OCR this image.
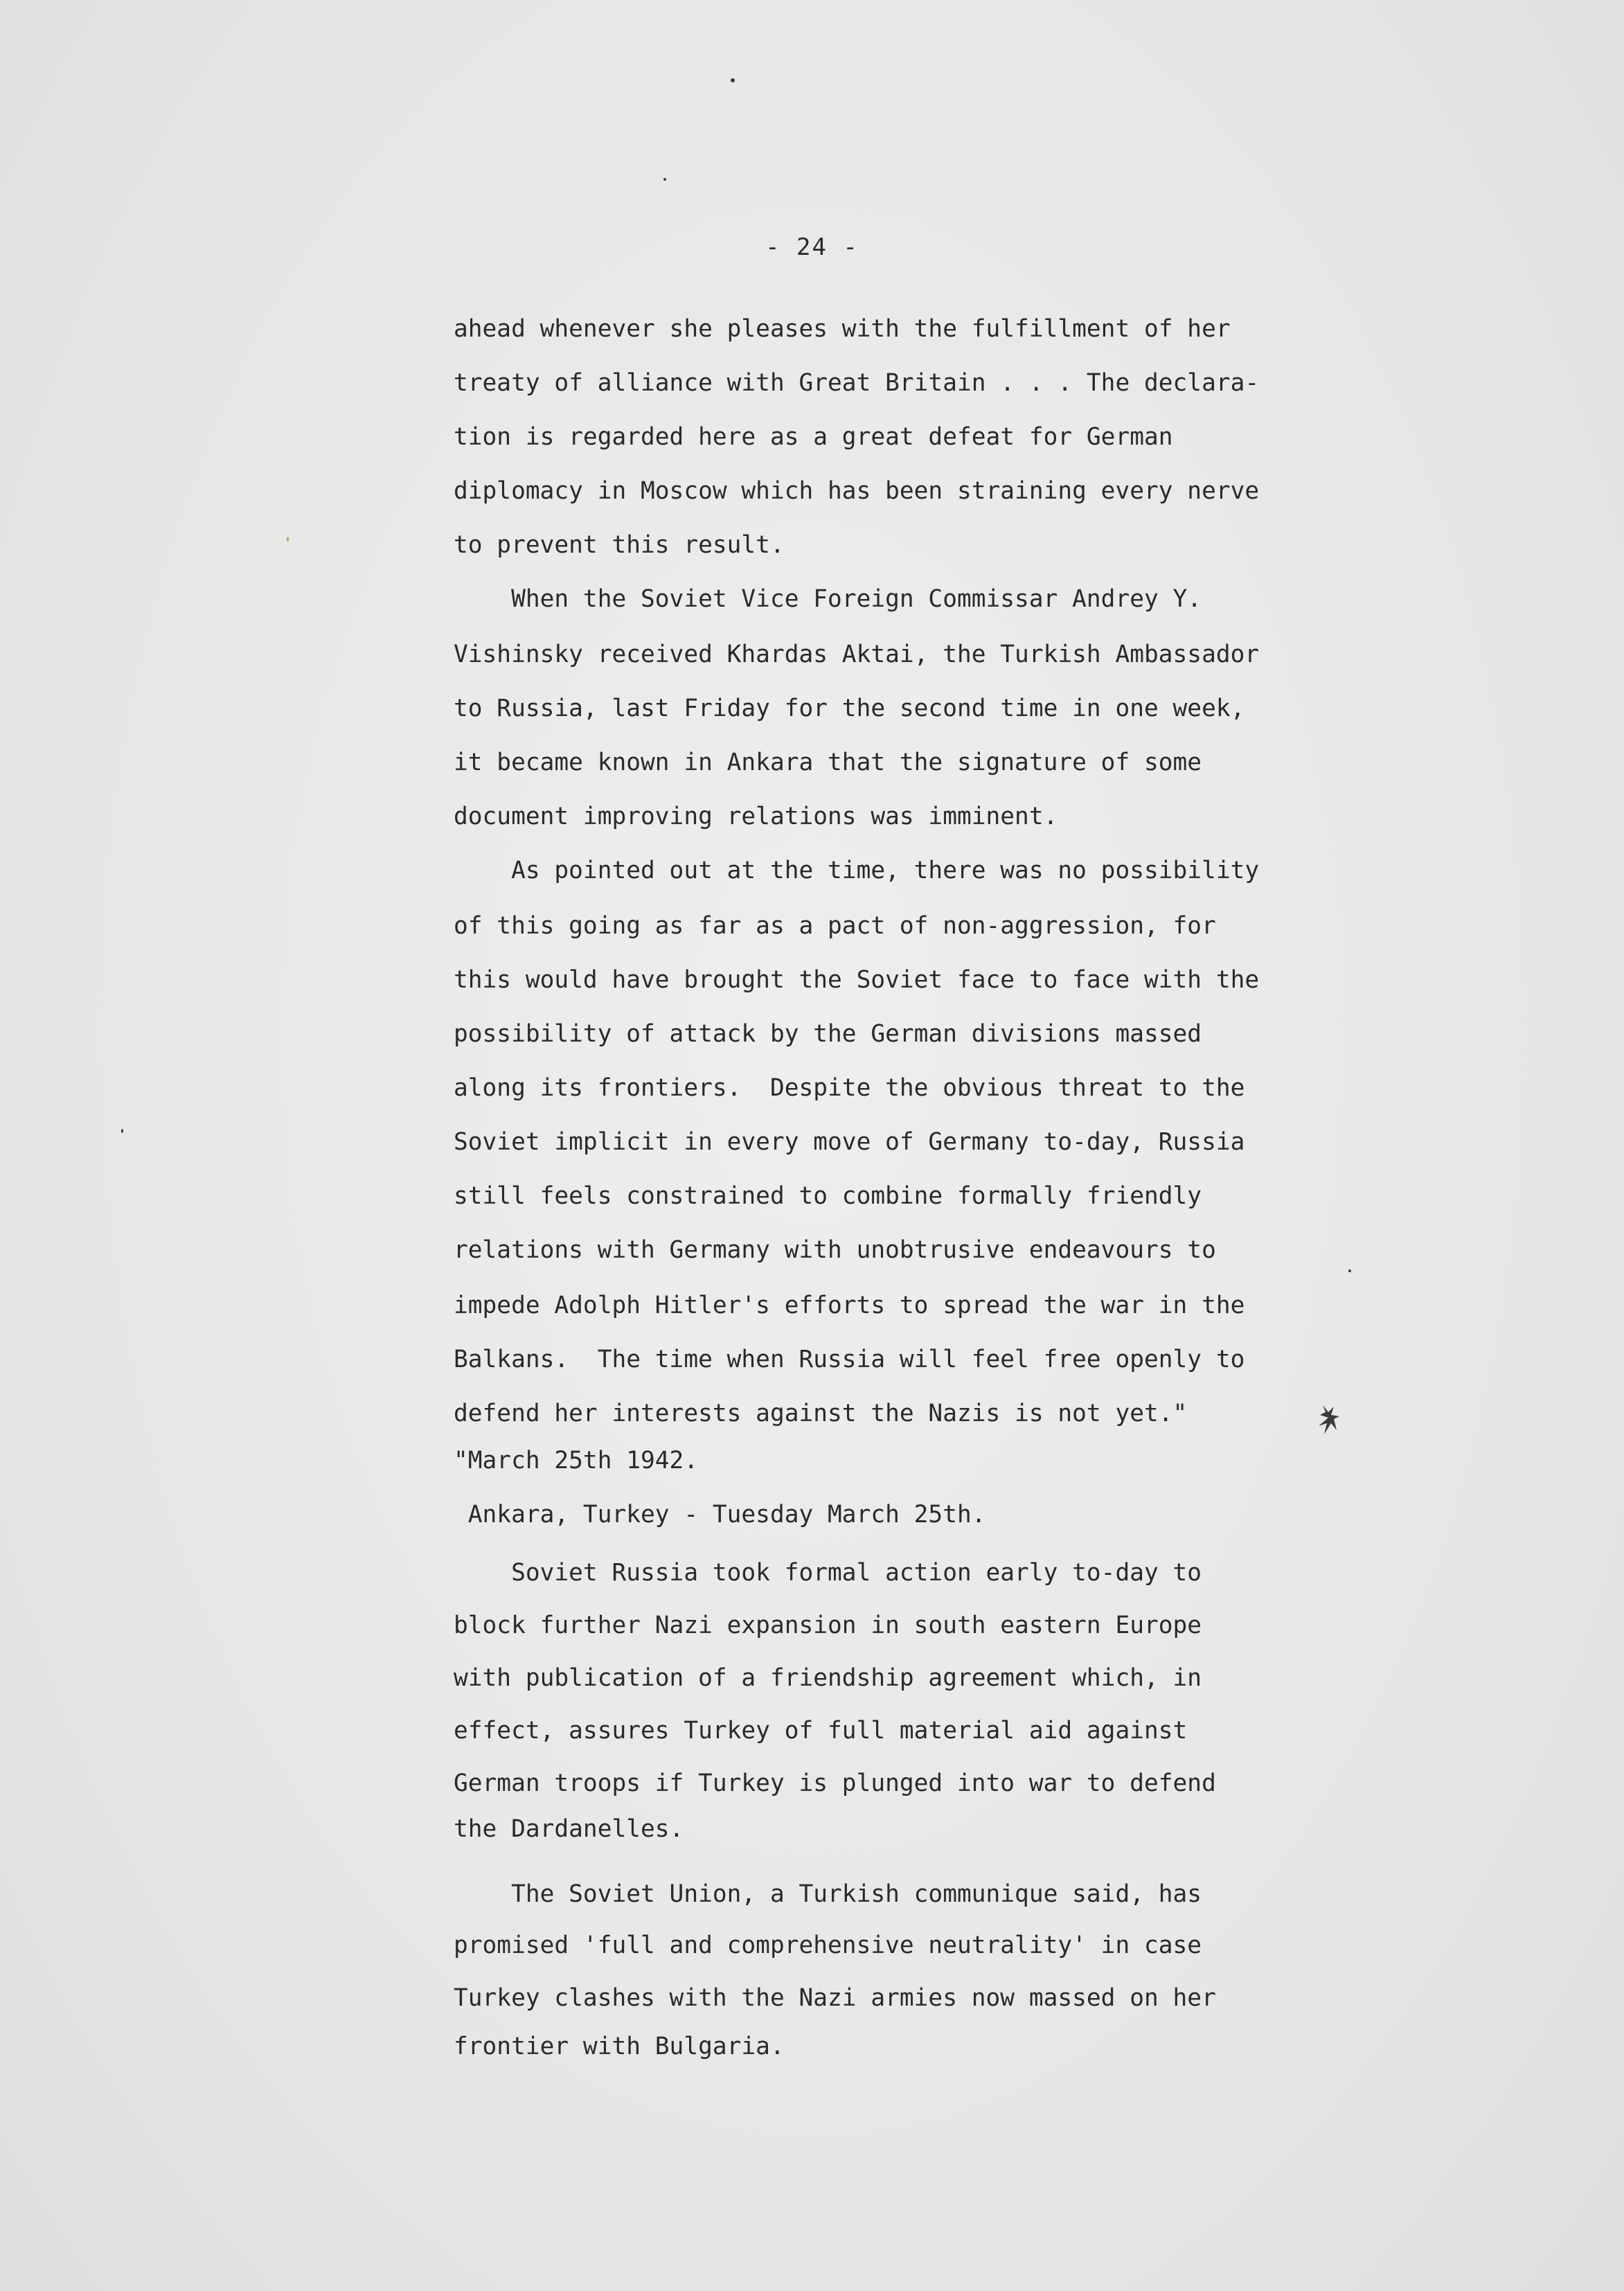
- 24 -
ahead whenever she pleases with the fulfillment of her
treaty of alliance with Great Britain . . . The declara-
tion is regarded here as a great defeat for German
diplomacy in Moscow which has been straining every nerve
to prevent this result.
When the Soviet Vice Foreign Commissar Andrey Y.
Vishinsky received Khardas Aktai, the Turkish Ambassador
to Russia, last Friday for the second time in one week,
it became known in Ankara that the signature of some
document improving relations was imminent.
As pointed out at the time, there was no possibility
of this going as far as a pact of non-aggression, for
this would have brought the Soviet face to face with the
possibility of attack by the German divisions massed
along its frontiers.  Despite the obvious threat to the
Soviet implicit in every move of Germany to-day, Russia
still feels constrained to combine formally friendly
relations with Germany with unobtrusive endeavours to
impede Adolph Hitler's efforts to spread the war in the
Balkans.  The time when Russia will feel free openly to
defend her interests against the Nazis is not yet."
"March 25th 1942.
Ankara, Turkey - Tuesday March 25th.
Soviet Russia took formal action early to-day to
block further Nazi expansion in south eastern Europe
with publication of a friendship agreement which, in
effect, assures Turkey of full material aid against
German troops if Turkey is plunged into war to defend
the Dardanelles.
The Soviet Union, a Turkish communique said, has
promised 'full and comprehensive neutrality' in case
Turkey clashes with the Nazi armies now massed on her
frontier with Bulgaria.
